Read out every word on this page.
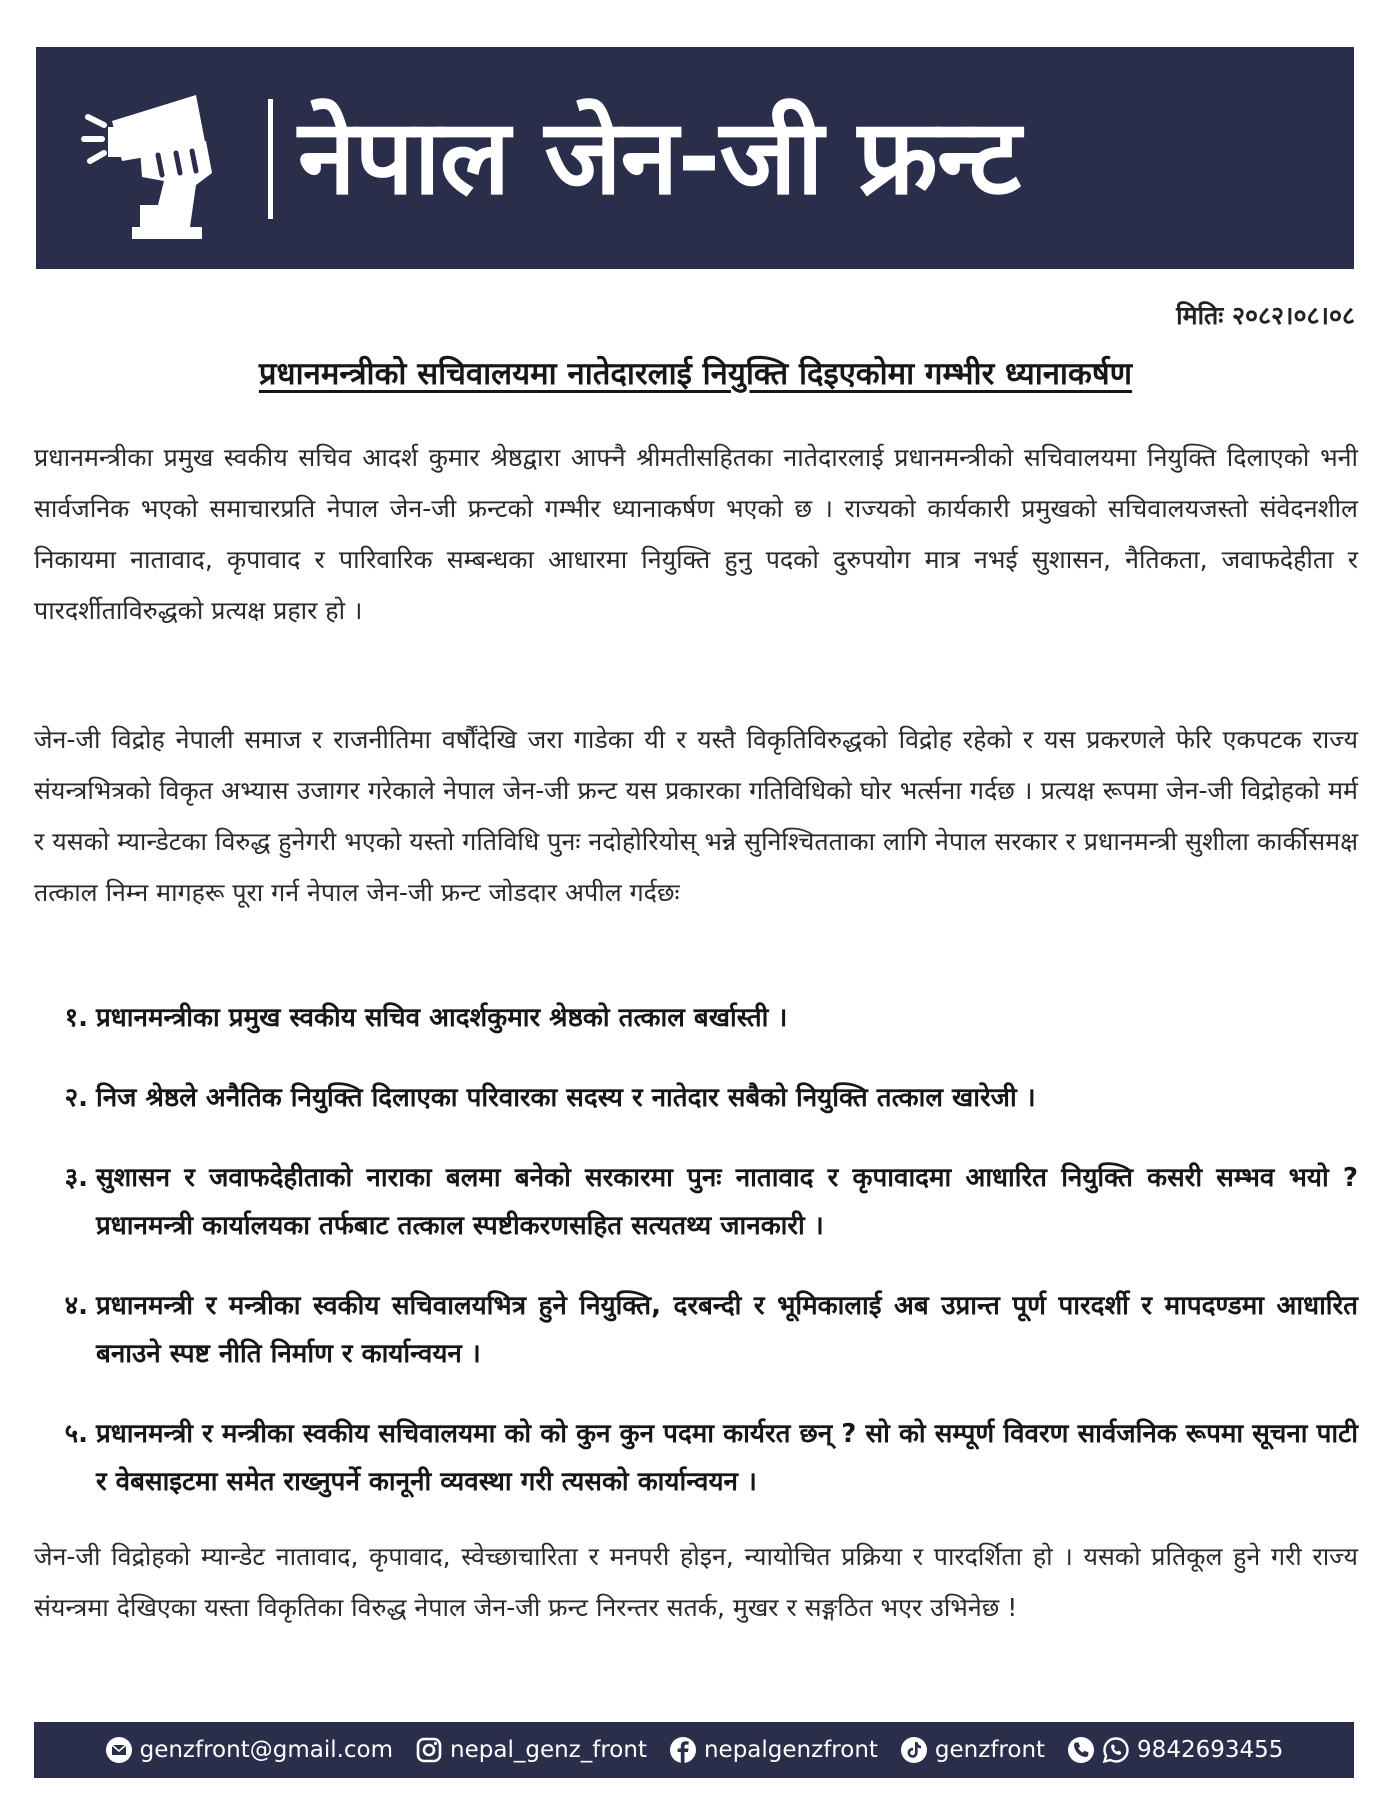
नेपाल जेन-जी फ्रन्ट
मितिः २०८२।०८।०८
प्रधानमन्त्रीको सचिवालयमा नातेदारलाई नियुक्ति दिइएकोमा गम्भीर ध्यानाकर्षण
प्रधानमन्त्रीका प्रमुख स्वकीय सचिव आदर्श कुमार श्रेष्ठद्वारा आफ्नै श्रीमतीसहितका नातेदारलाई प्रधानमन्त्रीको सचिवालयमा नियुक्ति दिलाएको भनी सार्वजनिक भएको समाचारप्रति नेपाल जेन-जी फ्रन्टको गम्भीर ध्यानाकर्षण भएको छ । राज्यको कार्यकारी प्रमुखको सचिवालयजस्तो संवेदनशील निकायमा नातावाद, कृपावाद र पारिवारिक सम्बन्धका आधारमा नियुक्ति हुनु पदको दुरुपयोग मात्र नभई सुशासन, नैतिकता, जवाफदेहीता र पारदर्शीताविरुद्धको प्रत्यक्ष प्रहार हो ।
जेन-जी विद्रोह नेपाली समाज र राजनीतिमा वर्षौंदेखि जरा गाडेका यी र यस्तै विकृतिविरुद्धको विद्रोह रहेको र यस प्रकरणले फेरि एकपटक राज्य संयन्त्रभित्रको विकृत अभ्यास उजागर गरेकाले नेपाल जेन-जी फ्रन्ट यस प्रकारका गतिविधिको घोर भर्त्सना गर्दछ । प्रत्यक्ष रूपमा जेन-जी विद्रोहको मर्म र यसको म्यान्डेटका विरुद्ध हुनेगरी भएको यस्तो गतिविधि पुनः नदोहोरियोस् भन्ने सुनिश्चितताका लागि नेपाल सरकार र प्रधानमन्त्री सुशीला कार्कीसमक्ष तत्काल निम्न मागहरू पूरा गर्न नेपाल जेन-जी फ्रन्ट जोडदार अपील गर्दछः
१. प्रधानमन्त्रीका प्रमुख स्वकीय सचिव आदर्शकुमार श्रेष्ठको तत्काल बर्खास्ती ।
२. निज श्रेष्ठले अनैतिक नियुक्ति दिलाएका परिवारका सदस्य र नातेदार सबैको नियुक्ति तत्काल खारेजी ।
३. सुशासन र जवाफदेहीताको नाराका बलमा बनेको सरकारमा पुनः नातावाद र कृपावादमा आधारित नियुक्ति कसरी सम्भव भयो ? प्रधानमन्त्री कार्यालयका तर्फबाट तत्काल स्पष्टीकरणसहित सत्यतथ्य जानकारी ।
४. प्रधानमन्त्री र मन्त्रीका स्वकीय सचिवालयभित्र हुने नियुक्ति, दरबन्दी र भूमिकालाई अब उप्रान्त पूर्ण पारदर्शी र मापदण्डमा आधारित बनाउने स्पष्ट नीति निर्माण र कार्यान्वयन ।
५. प्रधानमन्त्री र मन्त्रीका स्वकीय सचिवालयमा को को कुन कुन पदमा कार्यरत छन् ? सो को सम्पूर्ण विवरण सार्वजनिक रूपमा सूचना पाटी र वेबसाइटमा समेत राख्नुपर्ने कानूनी व्यवस्था गरी त्यसको कार्यान्वयन ।
जेन-जी विद्रोहको म्यान्डेट नातावाद, कृपावाद, स्वेच्छाचारिता र मनपरी होइन, न्यायोचित प्रक्रिया र पारदर्शिता हो । यसको प्रतिकूल हुने गरी राज्य संयन्त्रमा देखिएका यस्ता विकृतिका विरुद्ध नेपाल जेन-जी फ्रन्ट निरन्तर सतर्क, मुखर र सङ्गठित भएर उभिनेछ !
genzfront@gmail.com nepal_genz_front nepalgenzfront genzfront	9842693455
